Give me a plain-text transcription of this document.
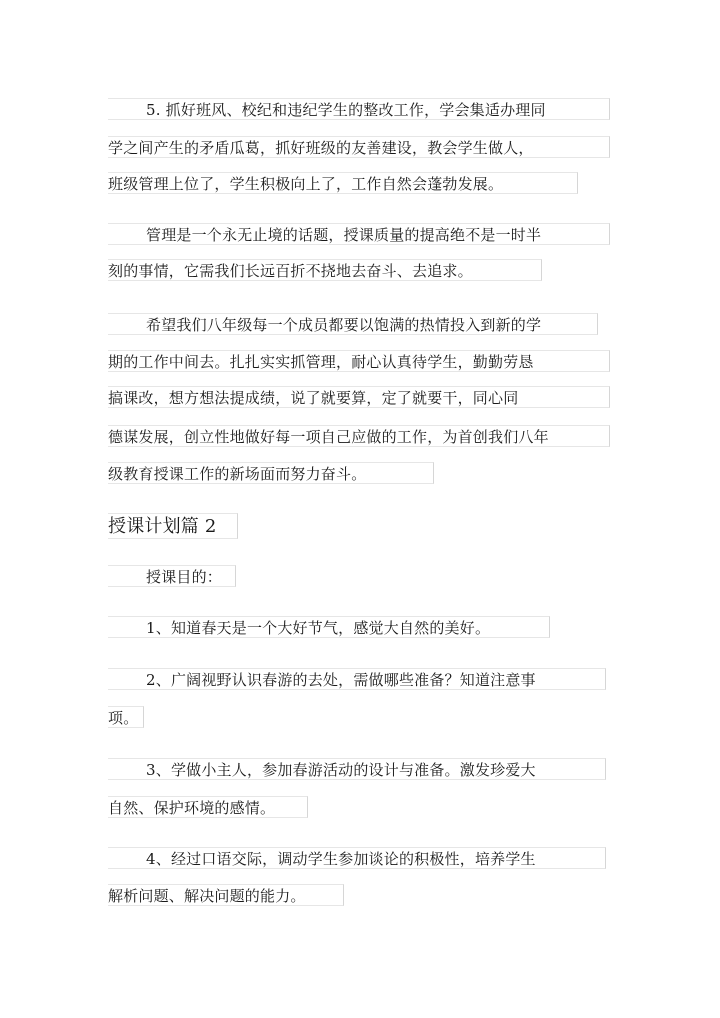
5. 抓好班风、校纪和违纪学生的整改工作，学会集适办理同
学之间产生的矛盾瓜葛，抓好班级的友善建设，教会学生做人，
班级管理上位了，学生积极向上了，工作自然会蓬勃发展。
管理是一个永无止境的话题，授课质量的提高绝不是一时半
刻的事情，它需我们长远百折不挠地去奋斗、去追求。
希望我们八年级每一个成员都要以饱满的热情投入到新的学
期的工作中间去。扎扎实实抓管理，耐心认真待学生，勤勤劳恳
搞课改，想方想法提成绩，说了就要算，定了就要干，同心同
德谋发展，创立性地做好每一项自己应做的工作，为首创我们八年
级教育授课工作的新场面而努力奋斗。
授课计划篇 2
授课目的：
1、知道春天是一个大好节气，感觉大自然的美好。
2、广阔视野认识春游的去处，需做哪些准备？知道注意事
项。
3、学做小主人，参加春游活动的设计与准备。激发珍爱大
自然、保护环境的感情。
4、经过口语交际，调动学生参加谈论的积极性，培养学生
解析问题、解决问题的能力。
